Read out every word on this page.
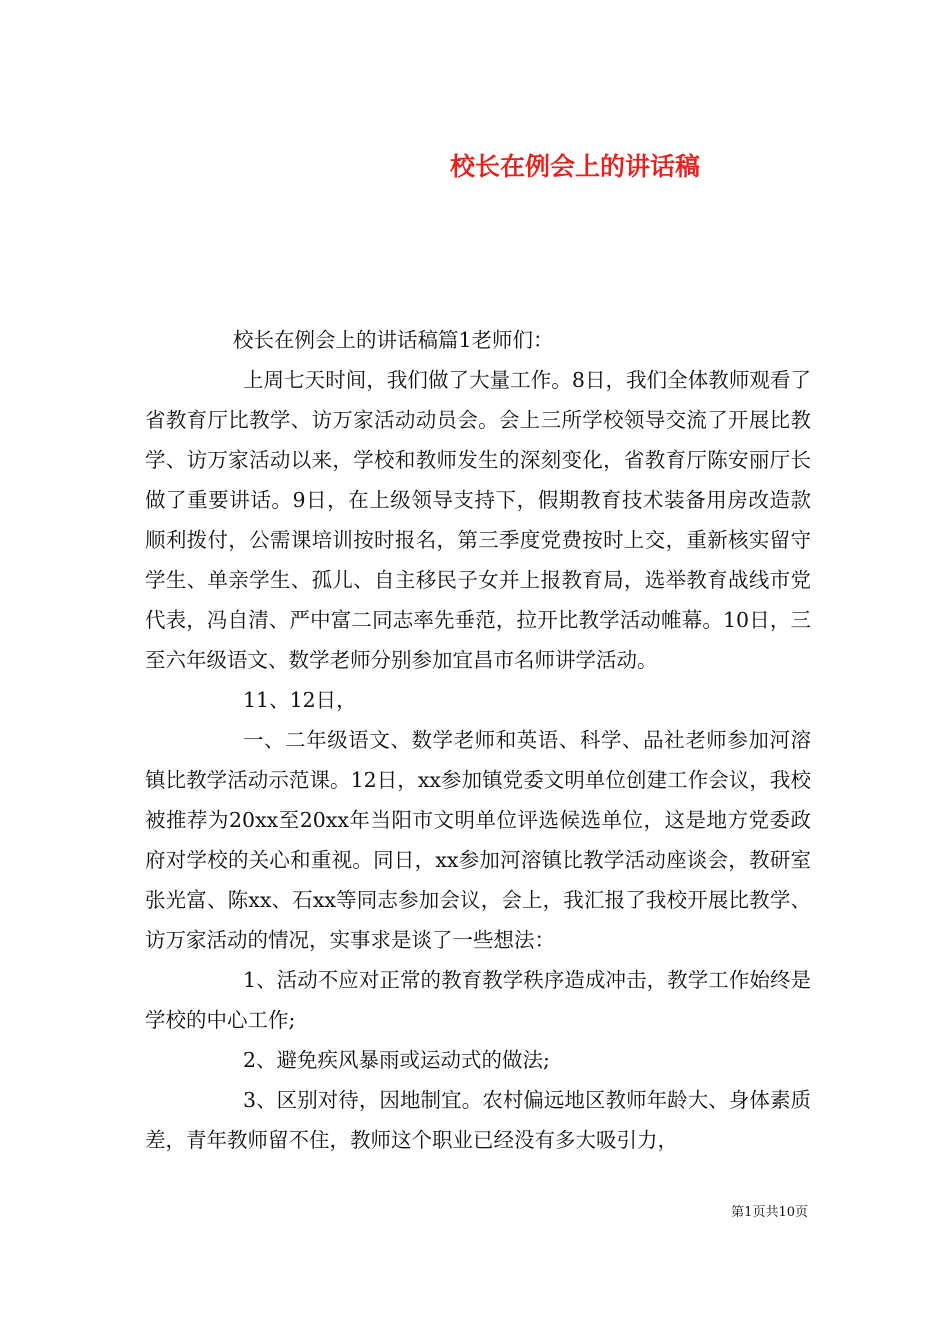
校长在例会上的讲话稿

校长在例会上的讲话稿篇1老师们：

上周七天时间，我们做了大量工作。8日，我们全体教师观看了省教育厅比教学、访万家活动动员会。会上三所学校领导交流了开展比教学、访万家活动以来，学校和教师发生的深刻变化，省教育厅陈安丽厅长做了重要讲话。9日，在上级领导支持下，假期教育技术装备用房改造款顺利拨付，公需课培训按时报名，第三季度党费按时上交，重新核实留守学生、单亲学生、孤儿、自主移民子女并上报教育局，选举教育战线市党代表，冯自清、严中富二同志率先垂范，拉开比教学活动帷幕。10日，三至六年级语文、数学老师分别参加宜昌市名师讲学活动。

11、12日，

一、二年级语文、数学老师和英语、科学、品社老师参加河溶镇比教学活动示范课。12日，xx参加镇党委文明单位创建工作会议，我校被推荐为20xx至20xx年当阳市文明单位评选候选单位，这是地方党委政府对学校的关心和重视。同日，xx参加河溶镇比教学活动座谈会，教研室张光富、陈xx、石xx等同志参加会议，会上，我汇报了我校开展比教学、访万家活动的情况，实事求是谈了一些想法：

1、活动不应对正常的教育教学秩序造成冲击，教学工作始终是学校的中心工作;

2、避免疾风暴雨或运动式的做法;

3、区别对待，因地制宜。农村偏远地区教师年龄大、身体素质差，青年教师留不住，教师这个职业已经没有多大吸引力，

第1页共10页
